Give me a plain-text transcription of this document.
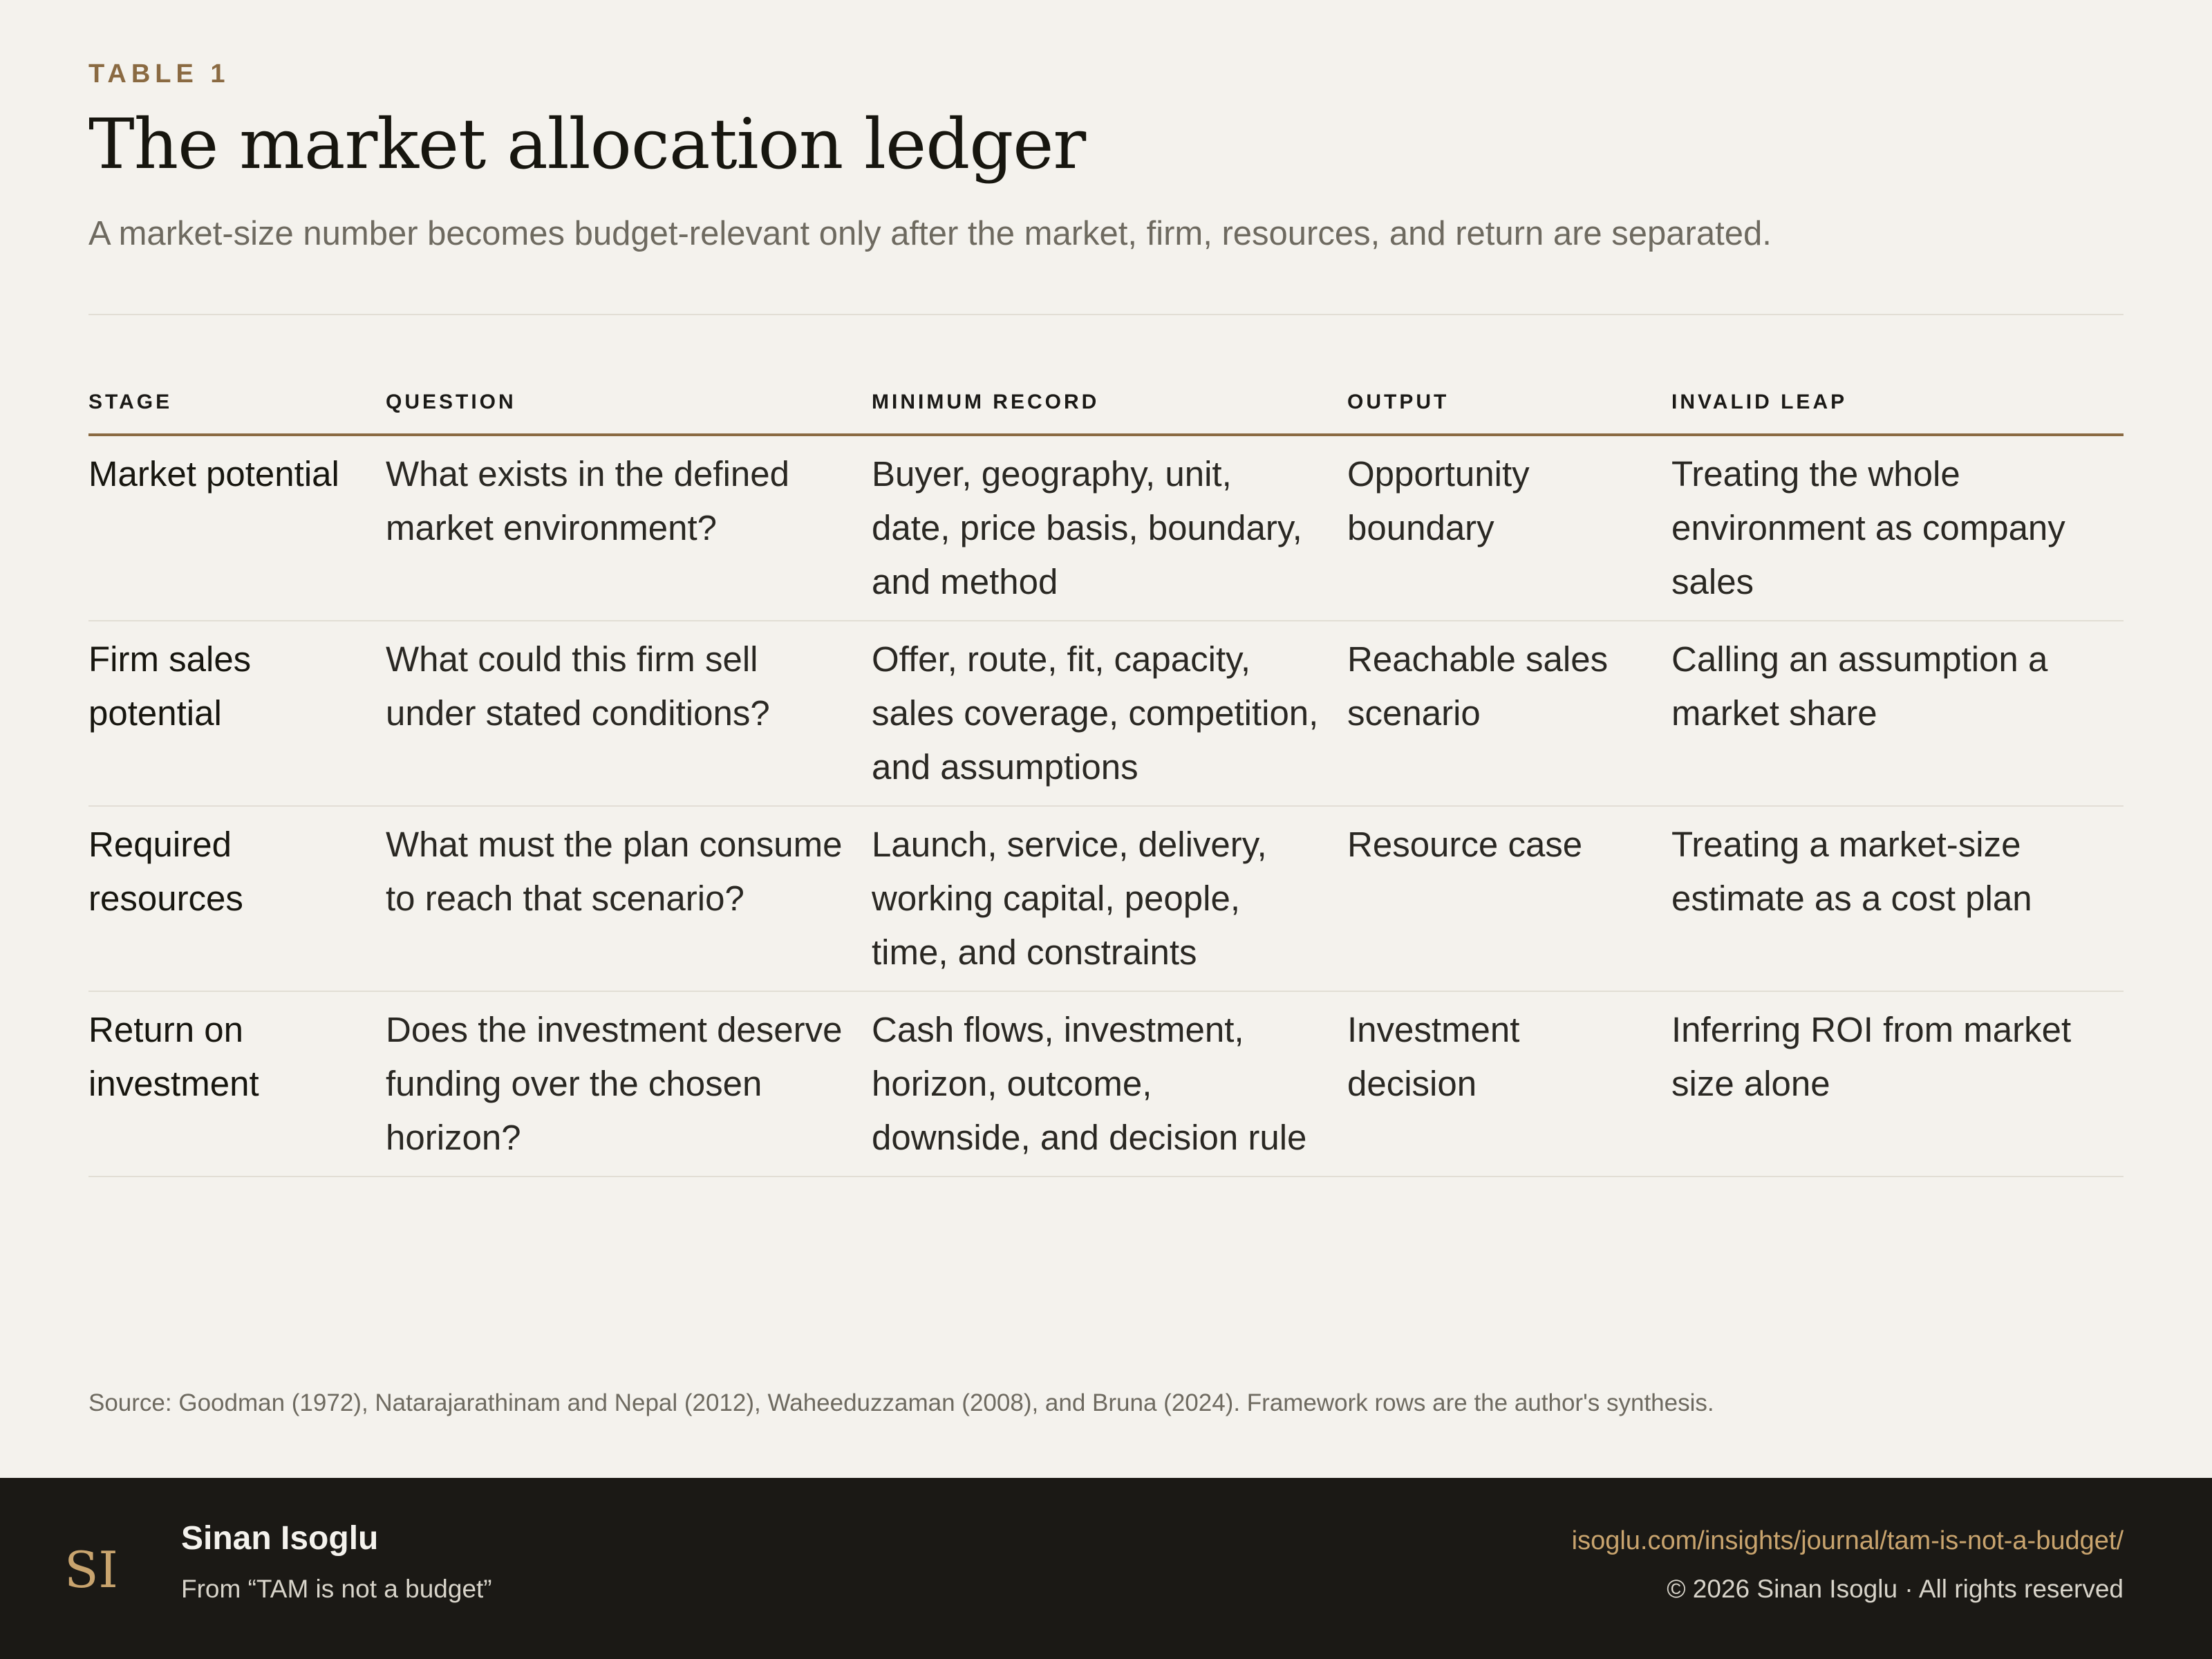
TABLE 1
The market allocation ledger
A market-size number becomes budget-relevant only after the market, firm, resources, and return are separated.
STAGE	QUESTION	MINIMUM RECORD	OUTPUT	INVALID LEAP
Market potential	What exists in the defined market environment?	Buyer, geography, unit, date, price basis, boundary, and method	Opportunity boundary	Treating the whole environment as company sales
Firm sales potential	What could this firm sell under stated conditions?	Offer, route, fit, capacity, sales coverage, competition, and assumptions	Reachable sales scenario	Calling an assumption a market share
Required resources	What must the plan consume to reach that scenario?	Launch, service, delivery, working capital, people, time, and constraints	Resource case	Treating a market-size estimate as a cost plan
Return on investment	Does the investment deserve funding over the chosen horizon?	Cash flows, investment, horizon, outcome, downside, and decision rule	Investment decision	Inferring ROI from market size alone
Source: Goodman (1972), Natarajarathinam and Nepal (2012), Waheeduzzaman (2008), and Bruna (2024). Framework rows are the author's synthesis.
SI
Sinan Isoglu
From “TAM is not a budget”
isoglu.com/insights/journal/tam-is-not-a-budget/
© 2026 Sinan Isoglu · All rights reserved
